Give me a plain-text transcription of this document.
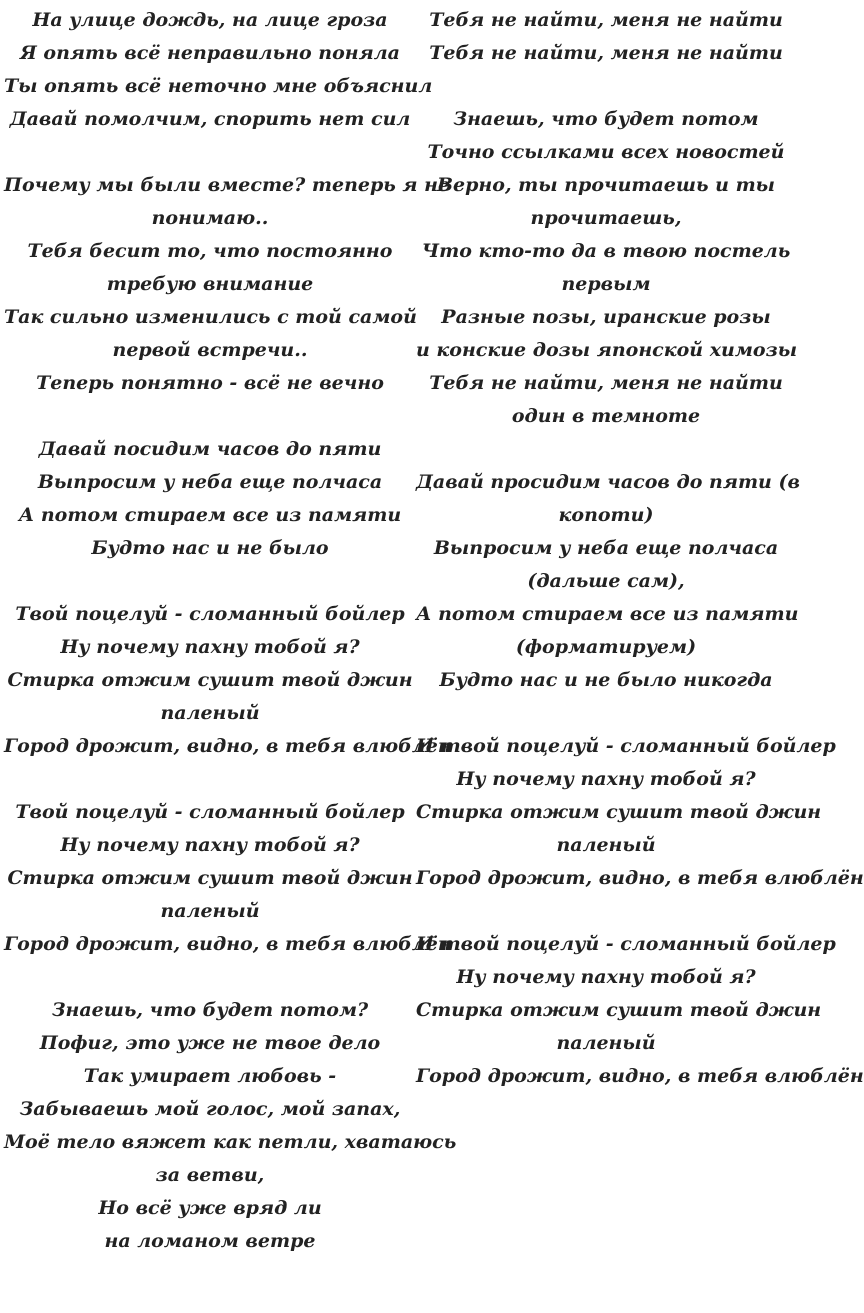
На улице дождь, на лице гроза
Я опять всё неправильно поняла
Ты опять всё неточно мне объяснил
Давай помолчим, спорить нет сил
Почему мы были вместе? теперь я не
понимаю..
Тебя бесит то, что постоянно
требую внимание
Так сильно изменились с той самой
первой встречи..
Теперь понятно - всё не вечно
Давай посидим часов до пяти
Выпросим у неба еще полчаса
А потом стираем все из памяти
Будто нас и не было
Твой поцелуй - сломанный бойлер
Ну почему пахну тобой я?
Стирка отжим сушит твой джин
паленый
Город дрожит, видно, в тебя влюблён
Твой поцелуй - сломанный бойлер
Ну почему пахну тобой я?
Стирка отжим сушит твой джин
паленый
Город дрожит, видно, в тебя влюблён
Знаешь, что будет потом?
Пофиг, это уже не твое дело
Так умирает любовь -
Забываешь мой голос, мой запах,
Моё тело вяжет как петли, хватаюсь
за ветви,
Но всё уже вряд ли
на ломаном ветре
Тебя не найти, меня не найти
Тебя не найти, меня не найти
Знаешь, что будет потом
Точно ссылками всех новостей
Верно, ты прочитаешь и ты
прочитаешь,
Что кто-то да в твою постель
первым
Разные позы, иранские розы
и конские дозы японской химозы
Тебя не найти, меня не найти
один в темноте
Давай просидим часов до пяти (в
копоти)
Выпросим у неба еще полчаса
(дальше сам),
А потом стираем все из памяти
(форматируем)
Будто нас и не было никогда
И твой поцелуй - сломанный бойлер
Ну почему пахну тобой я?
Стирка отжим сушит твой джин
паленый
Город дрожит, видно, в тебя влюблён
И твой поцелуй - сломанный бойлер
Ну почему пахну тобой я?
Стирка отжим сушит твой джин
паленый
Город дрожит, видно, в тебя влюблён
